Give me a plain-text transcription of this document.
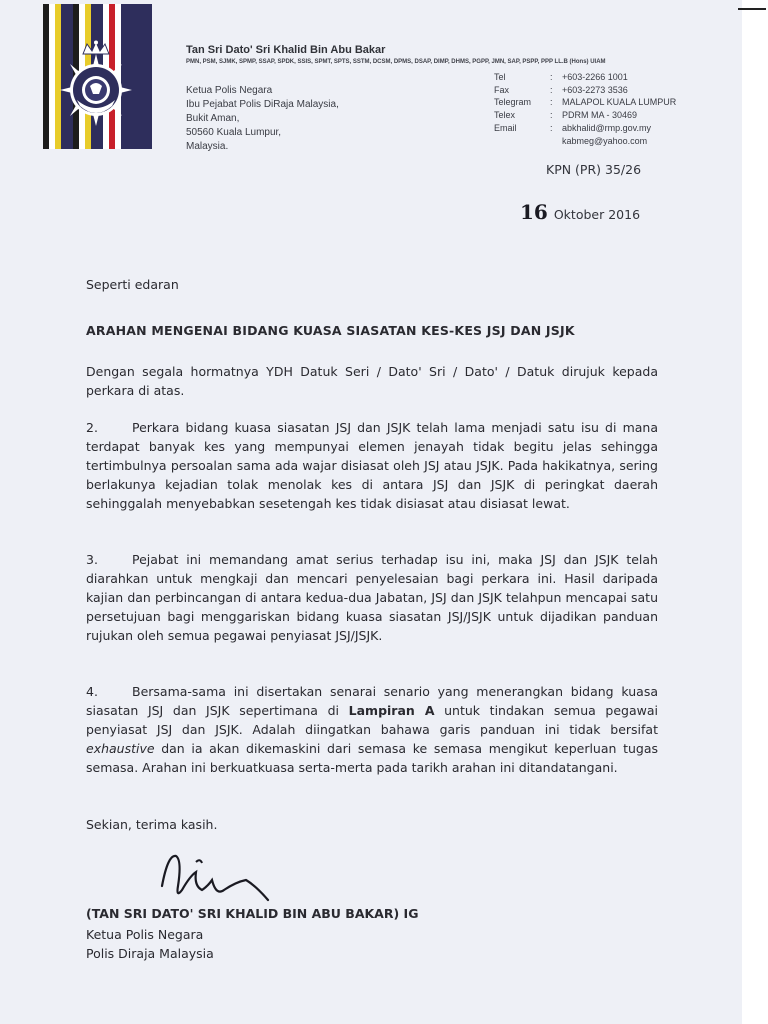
Tan Sri Dato' Sri Khalid Bin Abu Bakar
PMN, PSM, SJMK, SPMP, SSAP, SPDK, SSIS, SPMT, SPTS, SSTM, DCSM, DPMS, DSAP, DIMP, DHMS, PGPP, JMN, SAP, PSPP, PPP LL.B (Hons) UIAM
Ketua Polis Negara
Ibu Pejabat Polis DiRaja Malaysia,
Bukit Aman,
50560 Kuala Lumpur,
Malaysia.
Tel	:	+603-2266 1001
Fax	:	+603-2273 3536
Telegram	:	MALAPOL KUALA LUMPUR
Telex	:	PDRM MA - 30469
Email	:	abkhalid@rmp.gov.my
kabmeg@yahoo.com
KPN (PR) 35/26
16 Oktober 2016
Seperti edaran
ARAHAN MENGENAI BIDANG KUASA SIASATAN KES-KES JSJ DAN JSJK
Dengan segala hormatnya YDH Datuk Seri / Dato' Sri / Dato' / Datuk dirujuk kepada perkara di atas.
2.	Perkara bidang kuasa siasatan JSJ dan JSJK telah lama menjadi satu isu di mana terdapat banyak kes yang mempunyai elemen jenayah tidak begitu jelas sehingga tertimbulnya persoalan sama ada wajar disiasat oleh JSJ atau JSJK. Pada hakikatnya, sering berlakunya kejadian tolak menolak kes di antara JSJ dan JSJK di peringkat daerah sehinggalah menyebabkan sesetengah kes tidak disiasat atau disiasat lewat.
3.	Pejabat ini memandang amat serius terhadap isu ini, maka JSJ dan JSJK telah diarahkan untuk mengkaji dan mencari penyelesaian bagi perkara ini. Hasil daripada kajian dan perbincangan di antara kedua-dua Jabatan, JSJ dan JSJK telahpun mencapai satu persetujuan bagi menggariskan bidang kuasa siasatan JSJ/JSJK untuk dijadikan panduan rujukan oleh semua pegawai penyiasat JSJ/JSJK.
4.	Bersama-sama ini disertakan senarai senario yang menerangkan bidang kuasa siasatan JSJ dan JSJK sepertimana di Lampiran A untuk tindakan semua pegawai penyiasat JSJ dan JSJK. Adalah diingatkan bahawa garis panduan ini tidak bersifat exhaustive dan ia akan dikemaskini dari semasa ke semasa mengikut keperluan tugas semasa. Arahan ini berkuatkuasa serta-merta pada tarikh arahan ini ditandatangani.
Sekian, terima kasih.
(TAN SRI DATO' SRI KHALID BIN ABU BAKAR) IG
Ketua Polis Negara
Polis Diraja Malaysia
